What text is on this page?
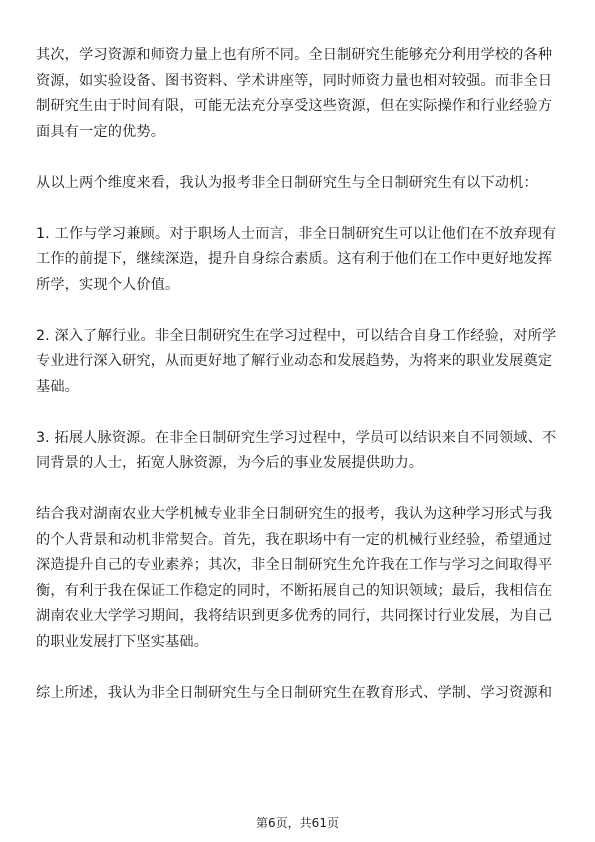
其次，学习资源和师资力量上也有所不同。全日制研究生能够充分利用学校的各种
资源，如实验设备、图书资料、学术讲座等，同时师资力量也相对较强。而非全日
制研究生由于时间有限，可能无法充分享受这些资源，但在实际操作和行业经验方
面具有一定的优势。

从以上两个维度来看，我认为报考非全日制研究生与全日制研究生有以下动机：

1. 工作与学习兼顾。对于职场人士而言，非全日制研究生可以让他们在不放弃现有
工作的前提下，继续深造，提升自身综合素质。这有利于他们在工作中更好地发挥
所学，实现个人价值。

2. 深入了解行业。非全日制研究生在学习过程中，可以结合自身工作经验，对所学
专业进行深入研究，从而更好地了解行业动态和发展趋势，为将来的职业发展奠定
基础。

3. 拓展人脉资源。在非全日制研究生学习过程中，学员可以结识来自不同领域、不
同背景的人士，拓宽人脉资源，为今后的事业发展提供助力。

结合我对湖南农业大学机械专业非全日制研究生的报考，我认为这种学习形式与我
的个人背景和动机非常契合。首先，我在职场中有一定的机械行业经验，希望通过
深造提升自己的专业素养；其次，非全日制研究生允许我在工作与学习之间取得平
衡，有利于我在保证工作稳定的同时，不断拓展自己的知识领域；最后，我相信在
湖南农业大学学习期间，我将结识到更多优秀的同行，共同探讨行业发展，为自己
的职业发展打下坚实基础。

综上所述，我认为非全日制研究生与全日制研究生在教育形式、学制、学习资源和

第6页，共61页
